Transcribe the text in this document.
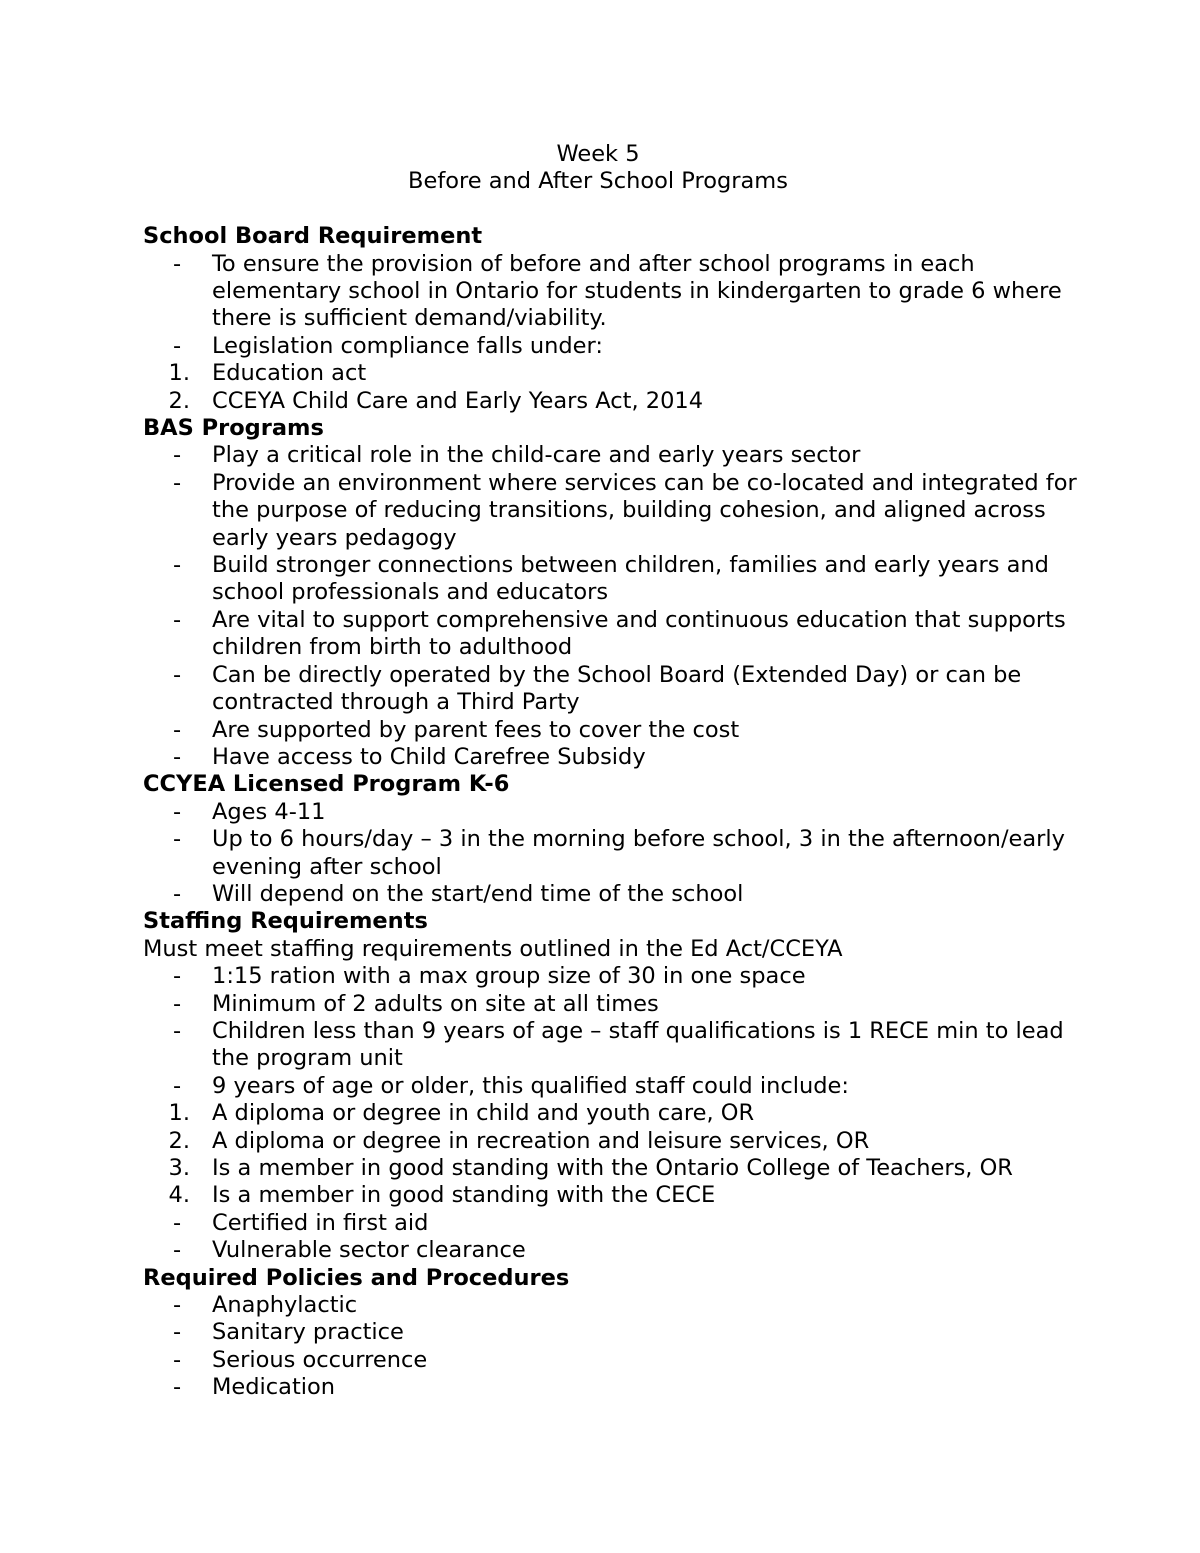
Week 5
Before and After School Programs
School Board Requirement
-	To ensure the provision of before and after school programs in each elementary school in Ontario for students in kindergarten to grade 6 where there is sufficient demand/viability.
-	Legislation compliance falls under:
1. Education act
2. CCEYA Child Care and Early Years Act, 2014
BAS Programs
-	Play a critical role in the child-care and early years sector
-	Provide an environment where services can be co-located and integrated for the purpose of reducing transitions, building cohesion, and aligned across early years pedagogy
-	Build stronger connections between children, families and early years and school professionals and educators
-	Are vital to support comprehensive and continuous education that supports children from birth to adulthood
-	Can be directly operated by the School Board (Extended Day) or can be contracted through a Third Party
-	Are supported by parent fees to cover the cost
-	Have access to Child Carefree Subsidy
CCYEA Licensed Program K-6
-	Ages 4-11
-	Up to 6 hours/day – 3 in the morning before school, 3 in the afternoon/early evening after school
-	Will depend on the start/end time of the school
Staffing Requirements
Must meet staffing requirements outlined in the Ed Act/CCEYA
-	1:15 ration with a max group size of 30 in one space
-	Minimum of 2 adults on site at all times
-	Children less than 9 years of age – staff qualifications is 1 RECE min to lead the program unit
-	9 years of age or older, this qualified staff could include:
1. A diploma or degree in child and youth care, OR
2. A diploma or degree in recreation and leisure services, OR
3. Is a member in good standing with the Ontario College of Teachers, OR
4. Is a member in good standing with the CECE
-	Certified in first aid
-	Vulnerable sector clearance
Required Policies and Procedures
-	Anaphylactic
-	Sanitary practice
-	Serious occurrence
-	Medication
